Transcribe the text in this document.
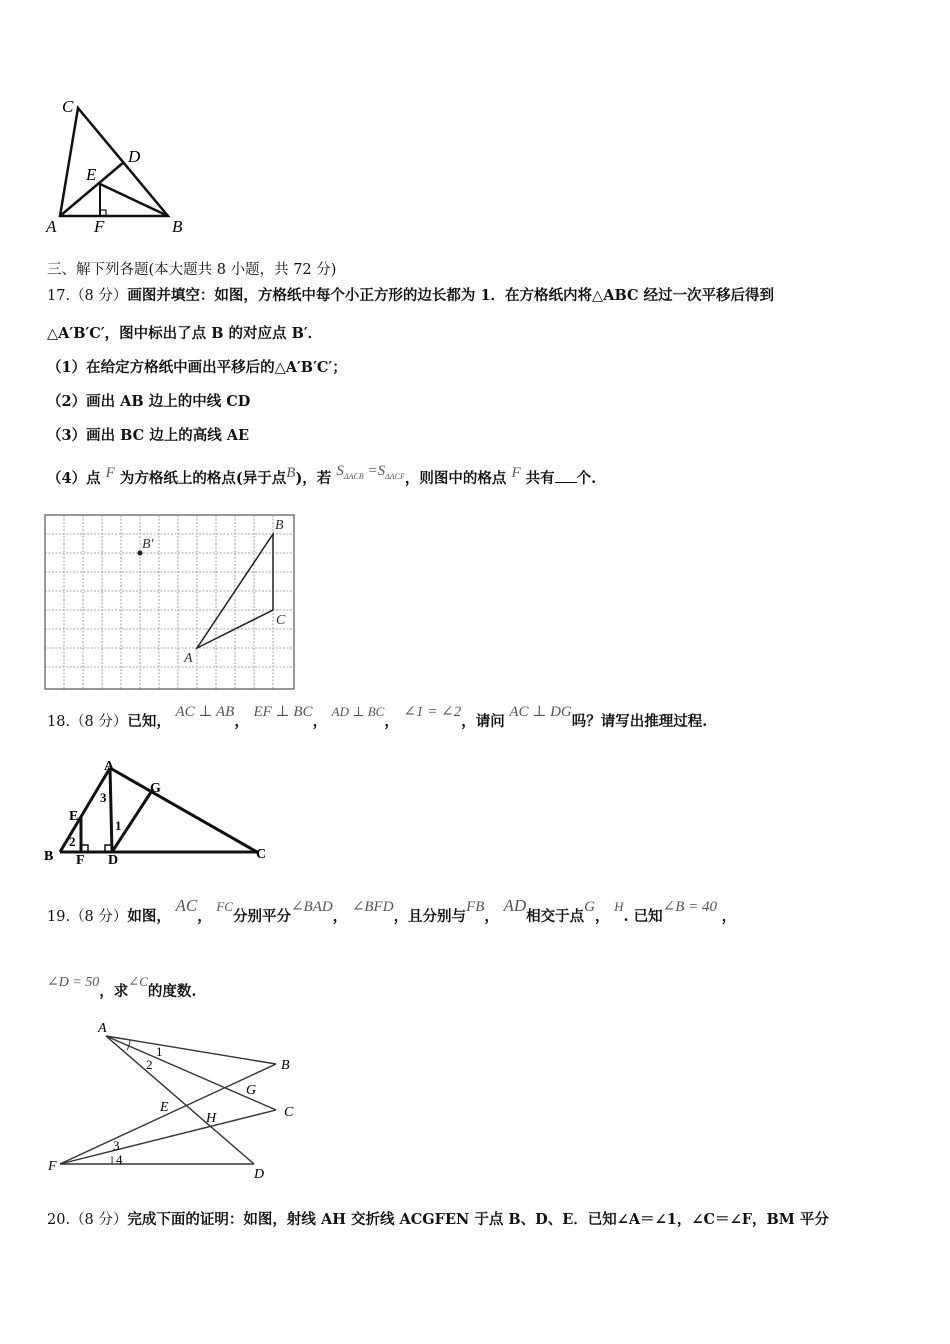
C
D
E
A F	B
三、解下列各题(本大题共 8 小题，共 72 分)
17.（8 分）画图并填空：如图，方格纸中每个小正方形的边长都为 1．在方格纸内将△ABC 经过一次平移后得到
△A′B′C′，图中标出了点 B 的对应点 B′．
（1）在给定方格纸中画出平移后的△A′B′C′；
（2）画出 AB 边上的中线 CD
（3）画出 BC 边上的高线 AE
（4）点 F 为方格纸上的格点(异于点B)，若 $S_{\Delta ACB} =S_{\Delta ACF}$，则图中的格点 F 共有 个.
B
C
A
B′
18.（8 分）已知， AC ⊥ AB， EF ⊥ BC， AD ⊥ BC， ∠1 = ∠2，请问 AC ⊥ DG吗？请写出推理过程.
A
G
E
B F D	C
3
1
2
19.（8 分）如图， AC， FC分别平分∠BAD， ∠BFD，且分别与FB， AD相交于点G， H. 已知∠B = 40 ，
∠D = 50，求∠C的度数.
A
B
G
C
E
H
F
D
1
2
3
4
20.（8 分）完成下面的证明：如图，射线 AH 交折线 ACGFEN 于点 B、D、E．已知∠A＝∠1，∠C＝∠F，BM 平分
